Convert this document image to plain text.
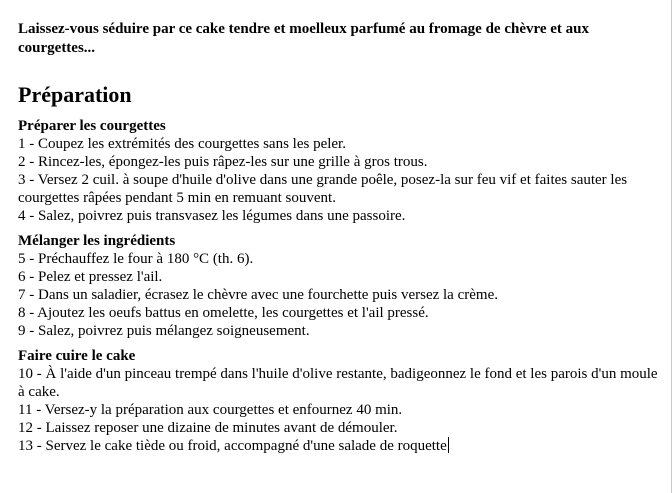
Laissez-vous séduire par ce cake tendre et moelleux parfumé au fromage de chèvre et aux courgettes...

Préparation

Préparer les courgettes

1 - Coupez les extrémités des courgettes sans les peler.
2 - Rincez-les, épongez-les puis râpez-les sur une grille à gros trous.
3 - Versez 2 cuil. à soupe d'huile d'olive dans une grande poêle, posez-la sur feu vif et faites sauter les courgettes râpées pendant 5 min en remuant souvent.
4 - Salez, poivrez puis transvasez les légumes dans une passoire.

Mélanger les ingrédients

5 - Préchauffez le four à 180 °C (th. 6).
6 - Pelez et pressez l'ail.
7 - Dans un saladier, écrasez le chèvre avec une fourchette puis versez la crème.
8 - Ajoutez les oeufs battus en omelette, les courgettes et l'ail pressé.
9 - Salez, poivrez puis mélangez soigneusement.

Faire cuire le cake

10 - À l'aide d'un pinceau trempé dans l'huile d'olive restante, badigeonnez le fond et les parois d'un moule à cake.
11 - Versez-y la préparation aux courgettes et enfournez 40 min.
12 - Laissez reposer une dizaine de minutes avant de démouler.
13 - Servez le cake tiède ou froid, accompagné d'une salade de roquette
